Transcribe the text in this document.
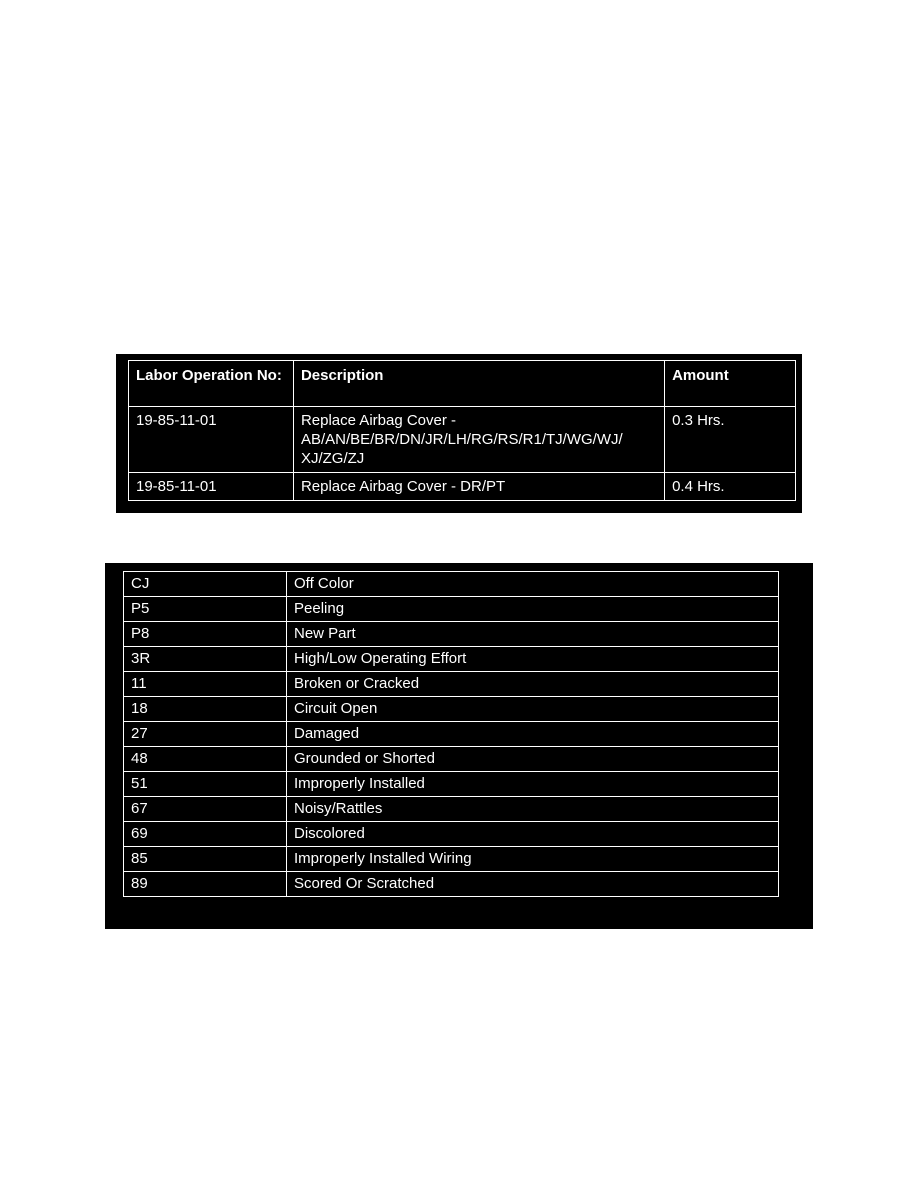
Labor Operation No:	Description	Amount
19-85-11-01	Replace Airbag Cover - AB/AN/BE/BR/DN/JR/LH/RG/RS/R1/TJ/WG/WJ/ XJ/ZG/ZJ	0.3 Hrs.
19-85-11-01	Replace Airbag Cover - DR/PT	0.4 Hrs.
CJ	Off Color
P5	Peeling
P8	New Part
3R	High/Low Operating Effort
11	Broken or Cracked
18	Circuit Open
27	Damaged
48	Grounded or Shorted
51	Improperly Installed
67	Noisy/Rattles
69	Discolored
85	Improperly Installed Wiring
89	Scored Or Scratched
